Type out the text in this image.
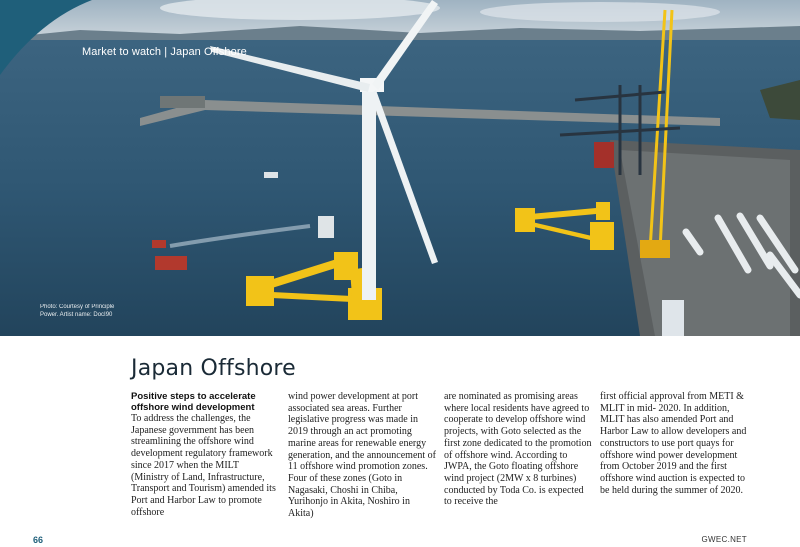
Market to watch | Japan Offshore
Photo: Courtesy of Principle
Power. Artist name: DocI90
Japan Offshore
Positive steps to accelerate offshore wind development

To address the challenges, the Japanese government has been streamlining the offshore wind development regulatory framework since 2017 when the MILT (Ministry of Land, Infrastructure, Transport and Tourism) amended its Port and Harbor Law to promote offshore

wind power development at port associated sea areas. Further legislative progress was made in 2019 through an act promoting marine areas for renewable energy generation, and the announcement of 11 offshore wind promotion zones. Four of these zones (Goto in Nagasaki, Choshi in Chiba, Yurihonjo in Akita, Noshiro in Akita)

are nominated as promising areas where local residents have agreed to cooperate to develop offshore wind projects, with Goto selected as the first zone dedicated to the promotion of offshore wind. According to JWPA, the Goto floating offshore wind project (2MW x 8 turbines) conducted by Toda Co. is expected to receive the

first official approval from METI & MLIT in mid- 2020. In addition, MLIT has also amended Port and Harbor Law to allow developers and constructors to use port quays for offshore wind power development from October 2019 and the first offshore wind auction is expected to be held during the summer of 2020.

66	GWEC.NET
